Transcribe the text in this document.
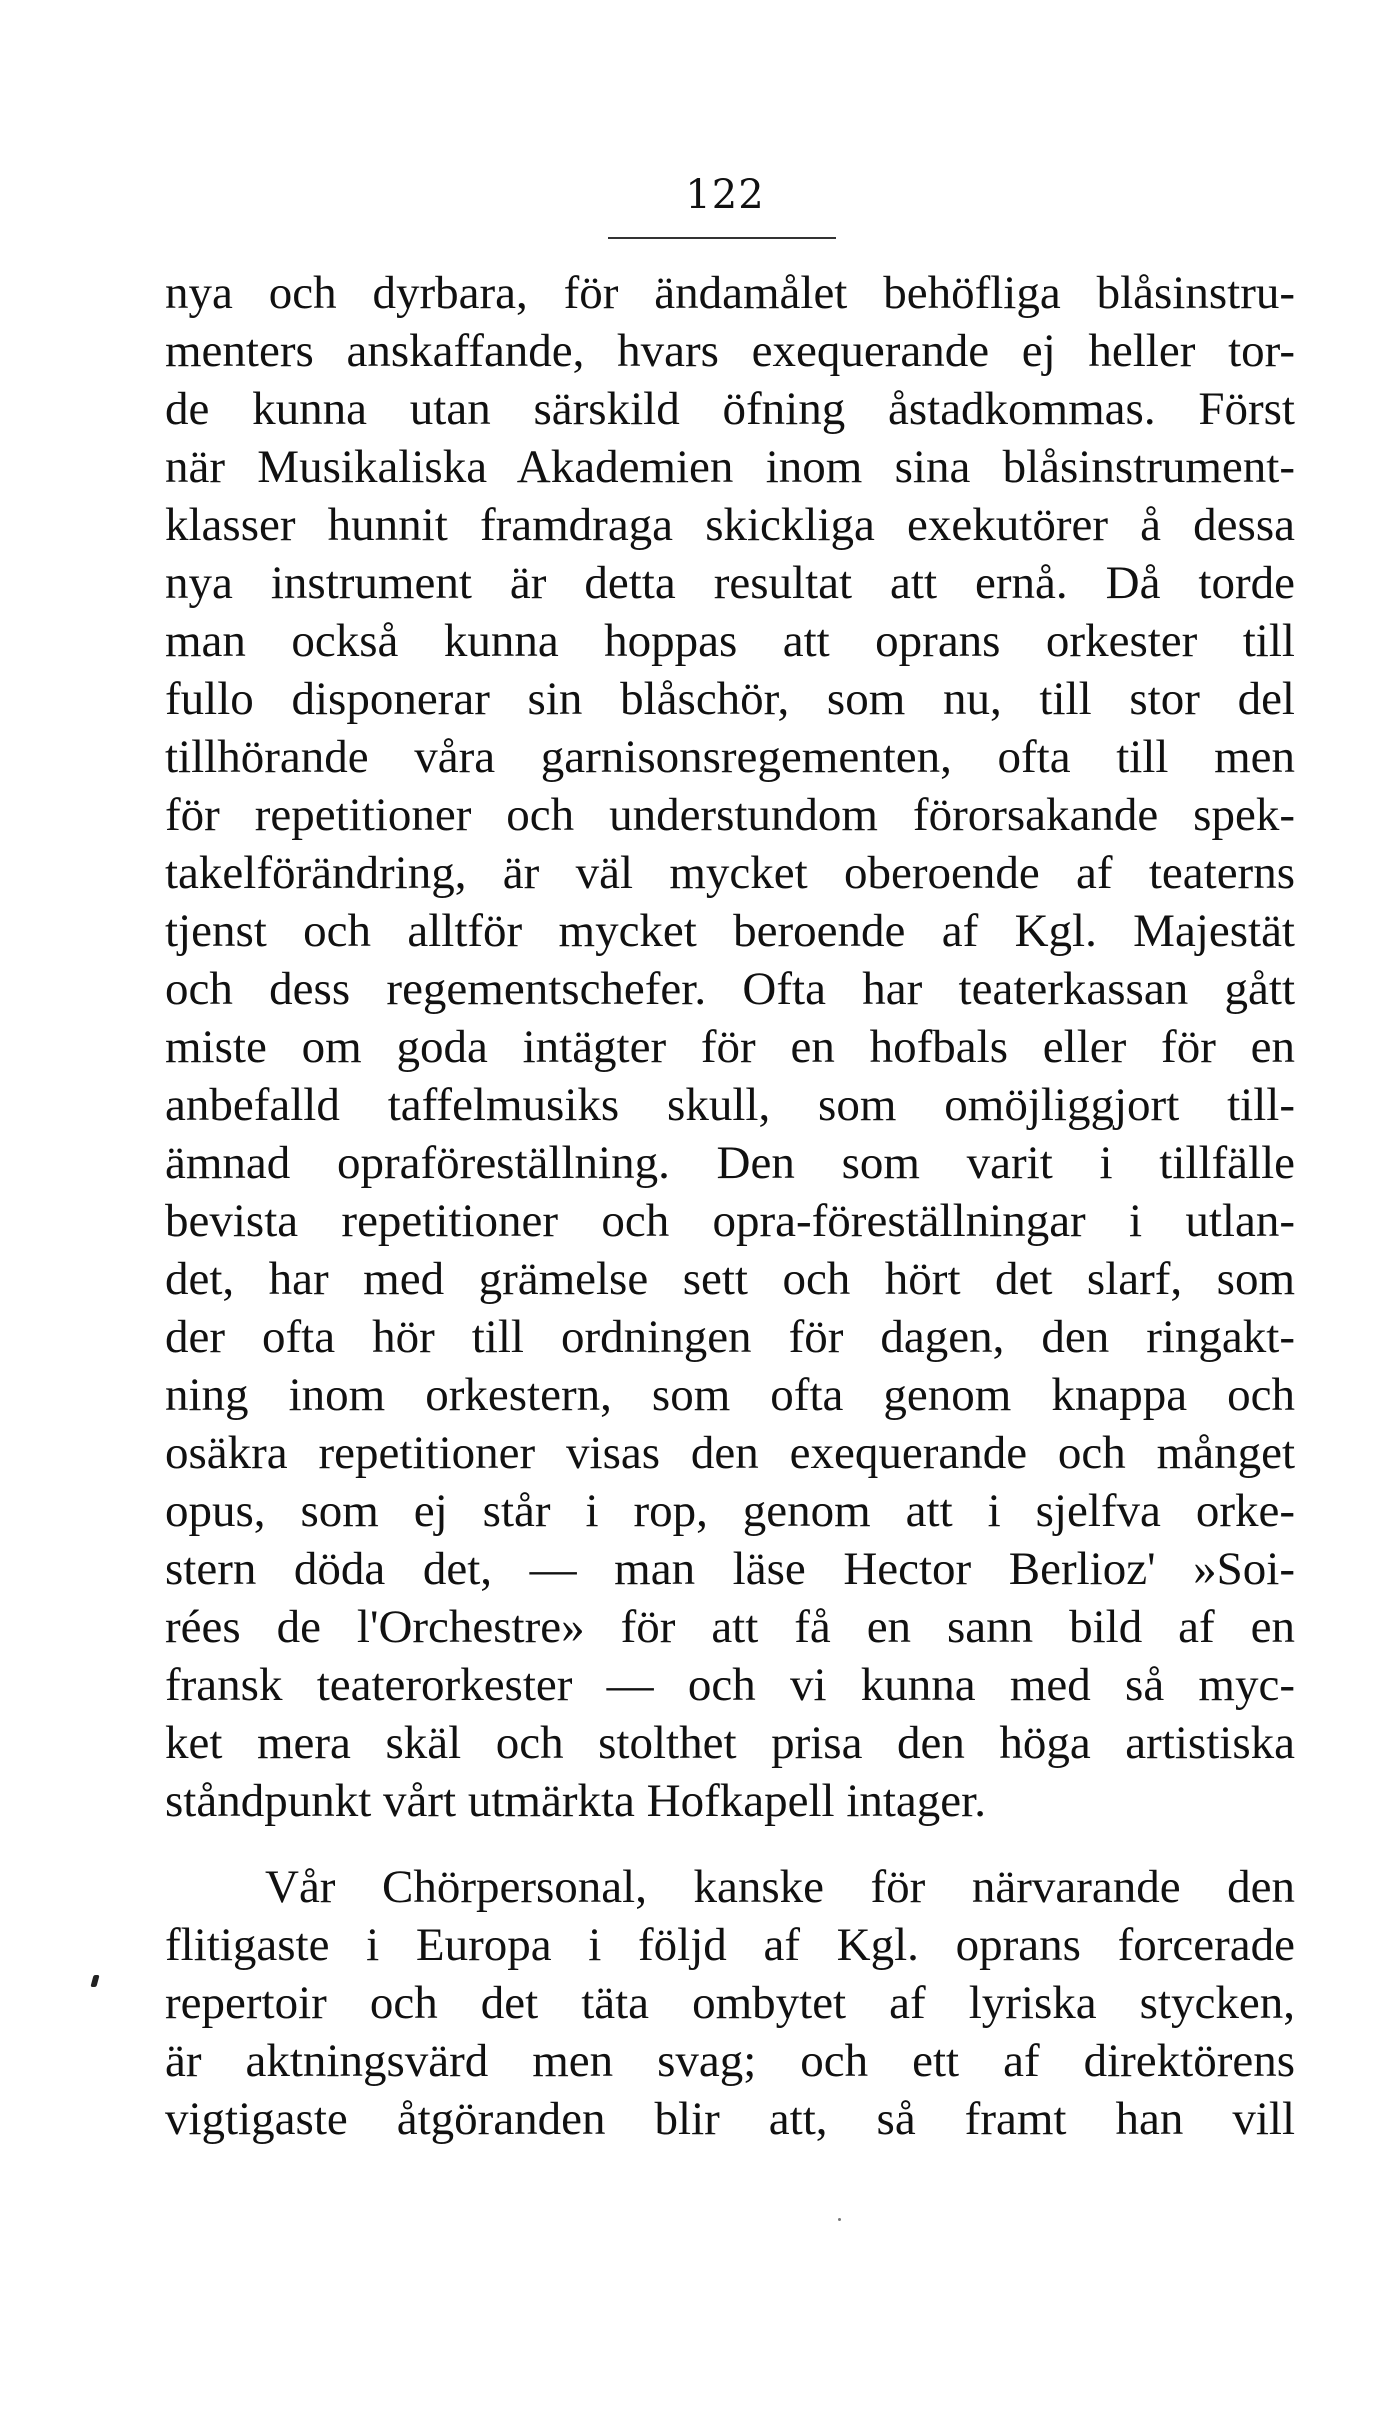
122
nya och dyrbara, för ändamålet behöfliga blåsinstru-
menters anskaffande, hvars exequerande ej heller tor-
de kunna utan särskild öfning åstadkommas. Först
när Musikaliska Akademien inom sina blåsinstrument-
klasser hunnit framdraga skickliga exekutörer å dessa
nya instrument är detta resultat att ernå. Då torde
man också kunna hoppas att oprans orkester till
fullo disponerar sin blåschör, som nu, till stor del
tillhörande våra garnisonsregementen, ofta till men
för repetitioner och understundom förorsakande spek-
takelförändring, är väl mycket oberoende af teaterns
tjenst och alltför mycket beroende af Kgl. Majestät
och dess regementschefer. Ofta har teaterkassan gått
miste om goda intägter för en hofbals eller för en
anbefalld taffelmusiks skull, som omöjliggjort till-
ämnad opraföreställning. Den som varit i tillfälle
bevista repetitioner och opra-föreställningar i utlan-
det, har med grämelse sett och hört det slarf, som
der ofta hör till ordningen för dagen, den ringakt-
ning inom orkestern, som ofta genom knappa och
osäkra repetitioner visas den exequerande och månget
opus, som ej står i rop, genom att i sjelfva orke-
stern döda det, — man läse Hector Berlioz' »Soi-
rées de l'Orchestre» för att få en sann bild af en
fransk teaterorkester — och vi kunna med så myc-
ket mera skäl och stolthet prisa den höga artistiska
ståndpunkt vårt utmärkta Hofkapell intager.
Vår Chörpersonal, kanske för närvarande den
flitigaste i Europa i följd af Kgl. oprans forcerade
repertoir och det täta ombytet af lyriska stycken,
är aktningsvärd men svag; och ett af direktörens
vigtigaste åtgöranden blir att, så framt han vill
